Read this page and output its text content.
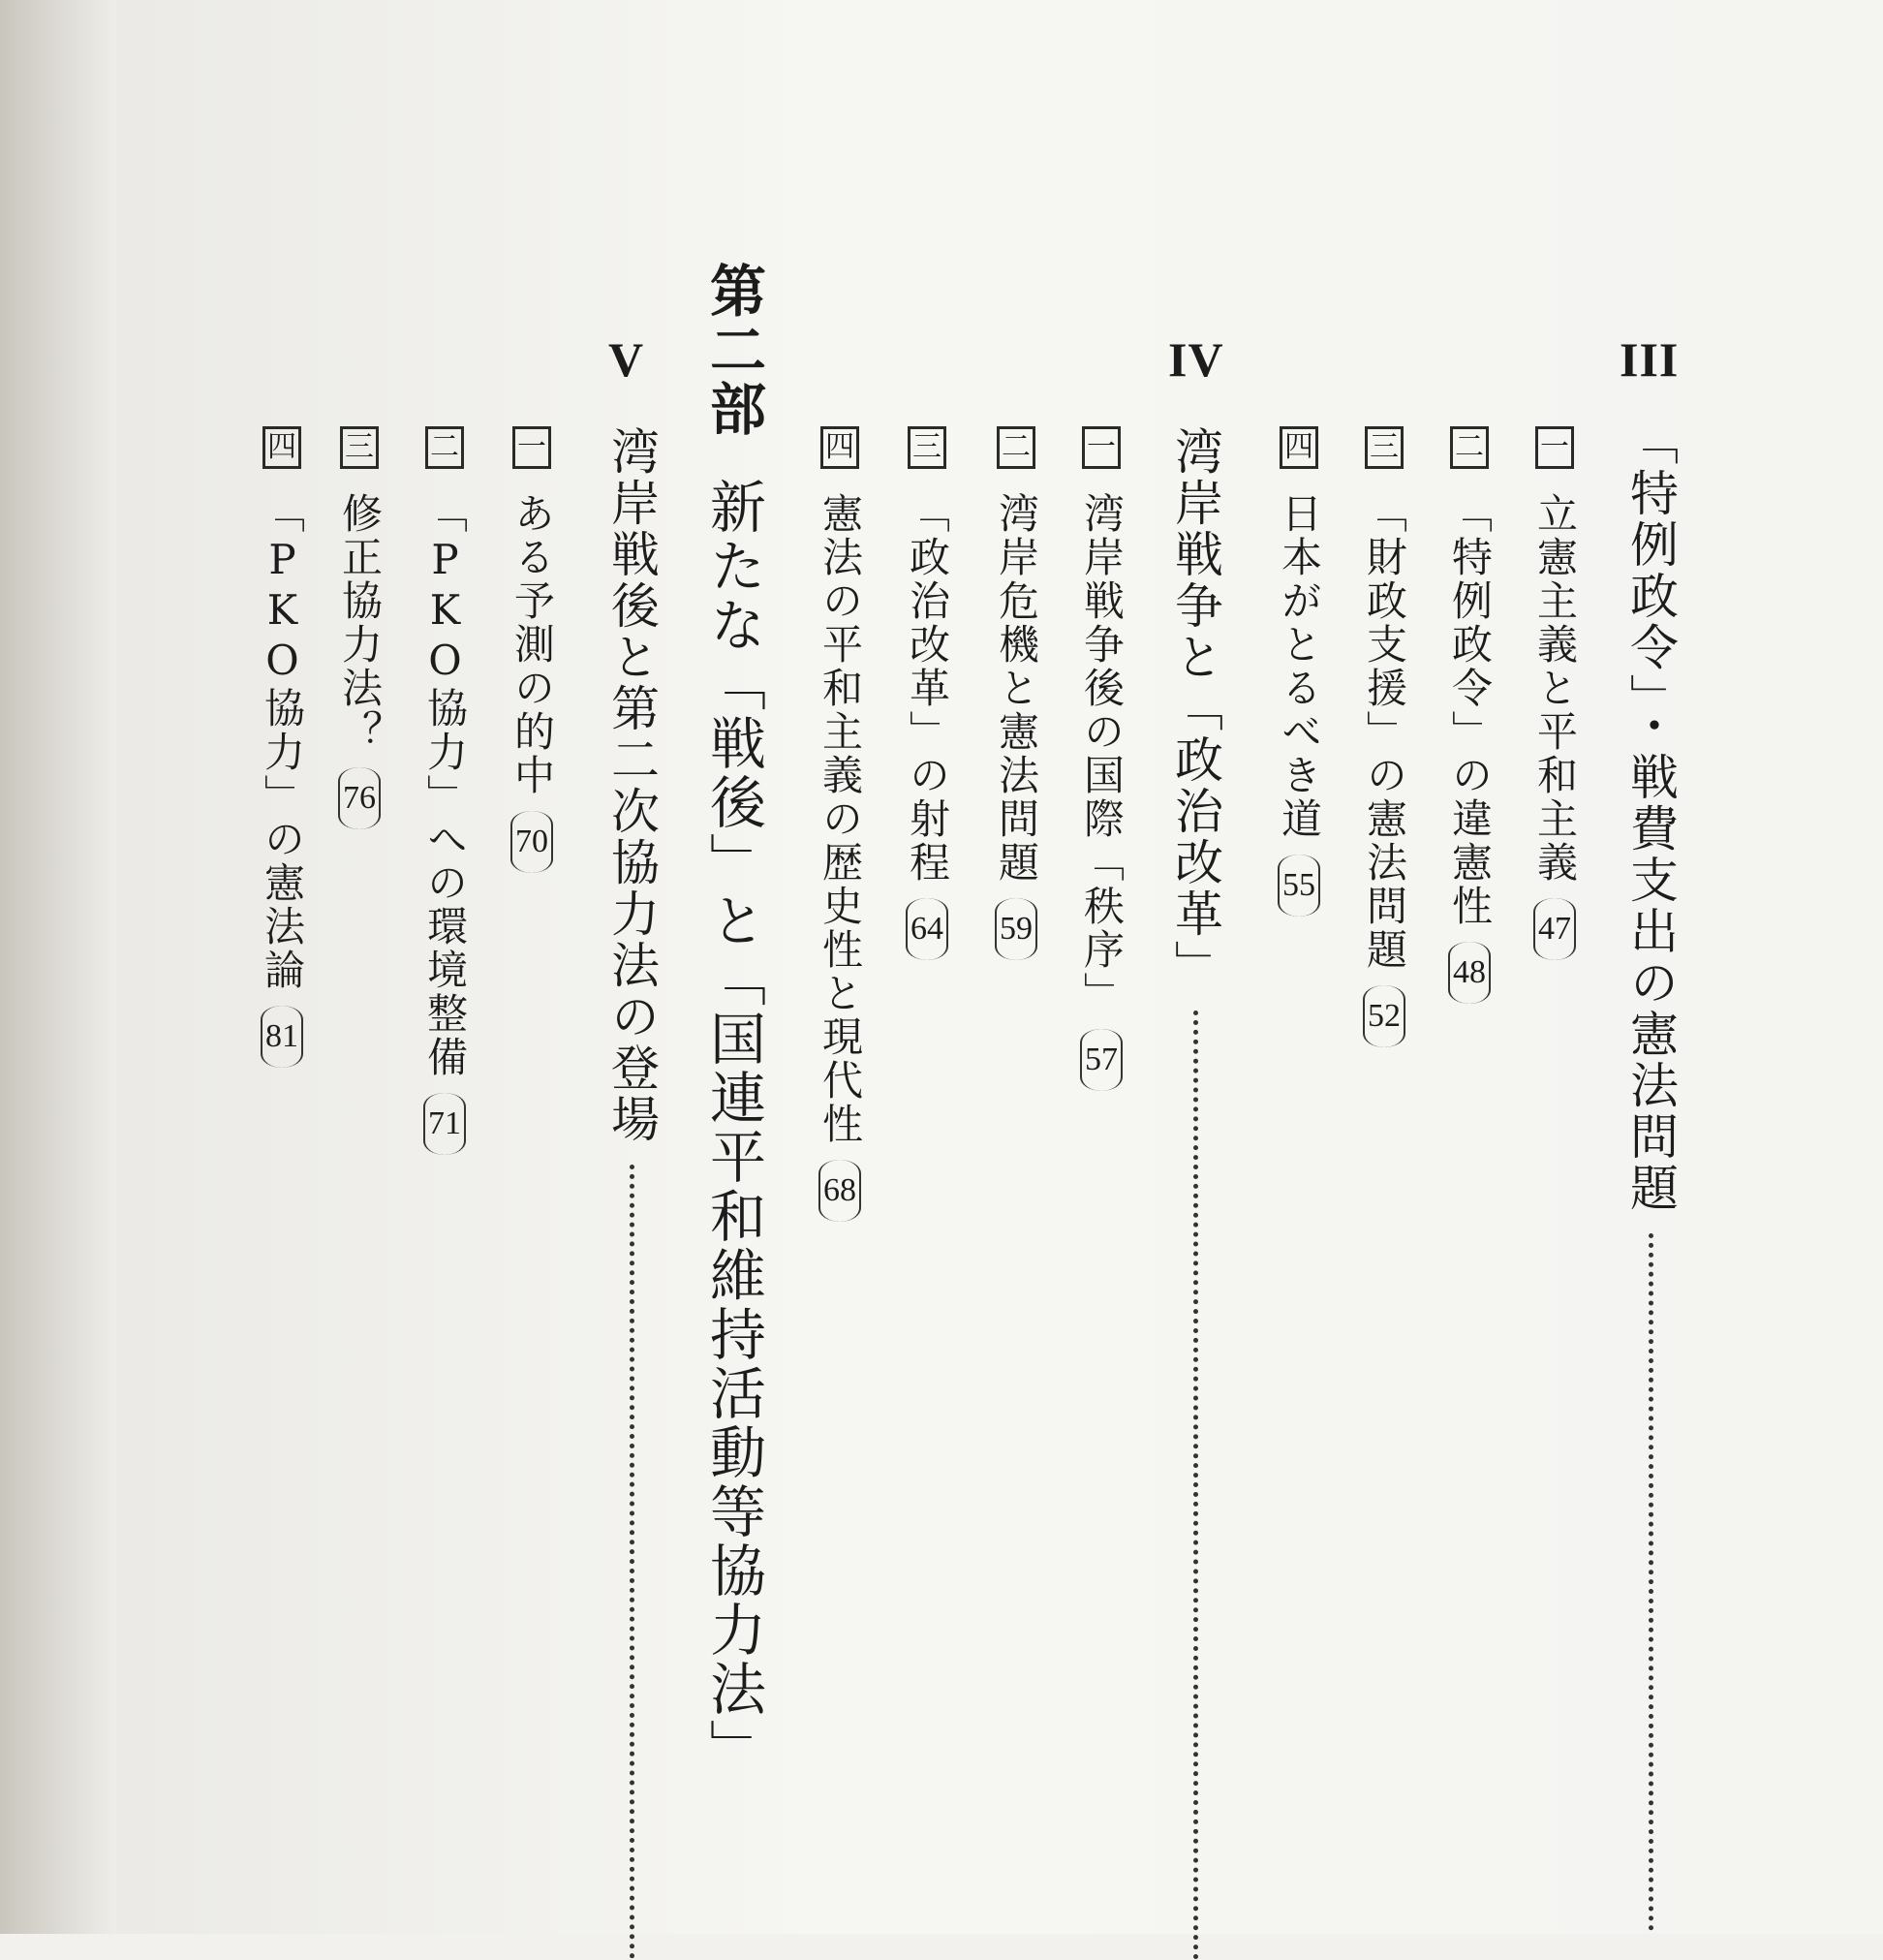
III
「特例政令」・戦費支出の憲法問題
一
立憲主義と平和主義
47
二
「特例政令」の違憲性
48
三
「財政支援」の憲法問題
52
四
日本がとるべき道
55
IV
湾岸戦争と「政治改革」
一
湾岸戦争後の国際「秩序」
57
二
湾岸危機と憲法問題
59
三
「政治改革」の射程
64
四
憲法の平和主義の歴史性と現代性
68
第二部新たな「戦後」と「国連平和維持活動等協力法」
V
湾岸戦後と第二次協力法の登場
一
ある予測の的中
70
二
「PKO協力」への環境整備
71
三
修正協力法？
76
四
「PKO協力」の憲法論
81
